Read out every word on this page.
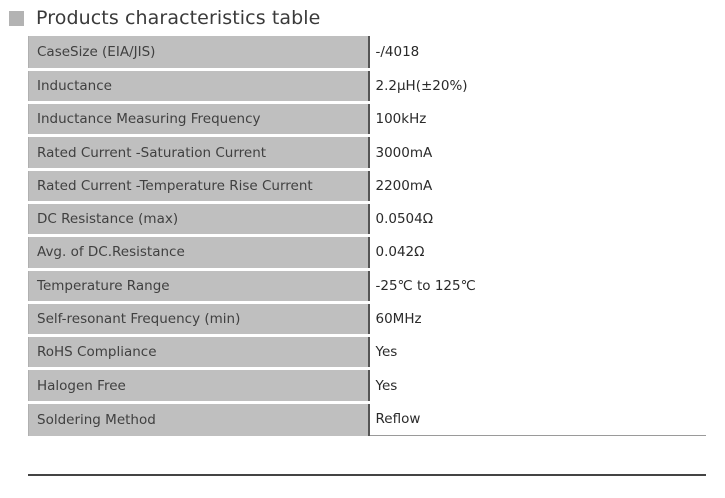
Products characteristics table
CaseSize (EIA/JIS)	-/4018
Inductance	2.2μH(±20%)
Inductance Measuring Frequency	100kHz
Rated Current -Saturation Current	3000mA
Rated Current -Temperature Rise Current	2200mA
DC Resistance (max)	0.0504Ω
Avg. of DC.Resistance	0.042Ω
Temperature Range	-25℃ to 125℃
Self-resonant Frequency (min)	60MHz
RoHS Compliance	Yes
Halogen Free	Yes
Soldering Method	Reflow
